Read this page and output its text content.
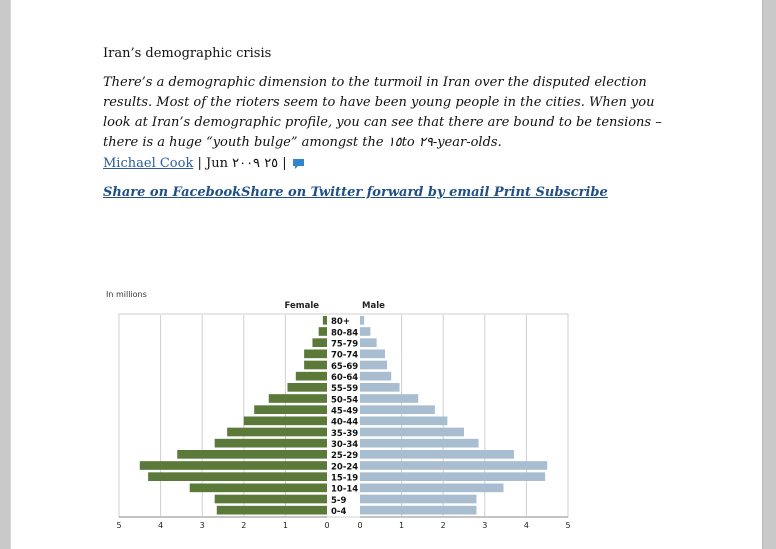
Iran’s demographic crisis
There’s a demographic dimension to the turmoil in Iran over the disputed election results. Most of the rioters seem to have been young people in the cities. When you look at Iran’s demographic profile, you can see that there are bound to be tensions – there is a huge “youth bulge” amongst the ١٥to ٢٩-year-olds.
Michael Cook | Jun ٢٥ ٢٠٠٩ |
Share on FacebookShare on Twitter forward by email Print Subscribe
In millions
Female	Male
80+
80-84
75-79
70-74
65-69
60-64
55-59
50-54
45-49
40-44
35-39
30-34
25-29
20-24
15-19
10-14
5-9
0-4
5	4	3	2	1	0	0	1	2	3	4	5
